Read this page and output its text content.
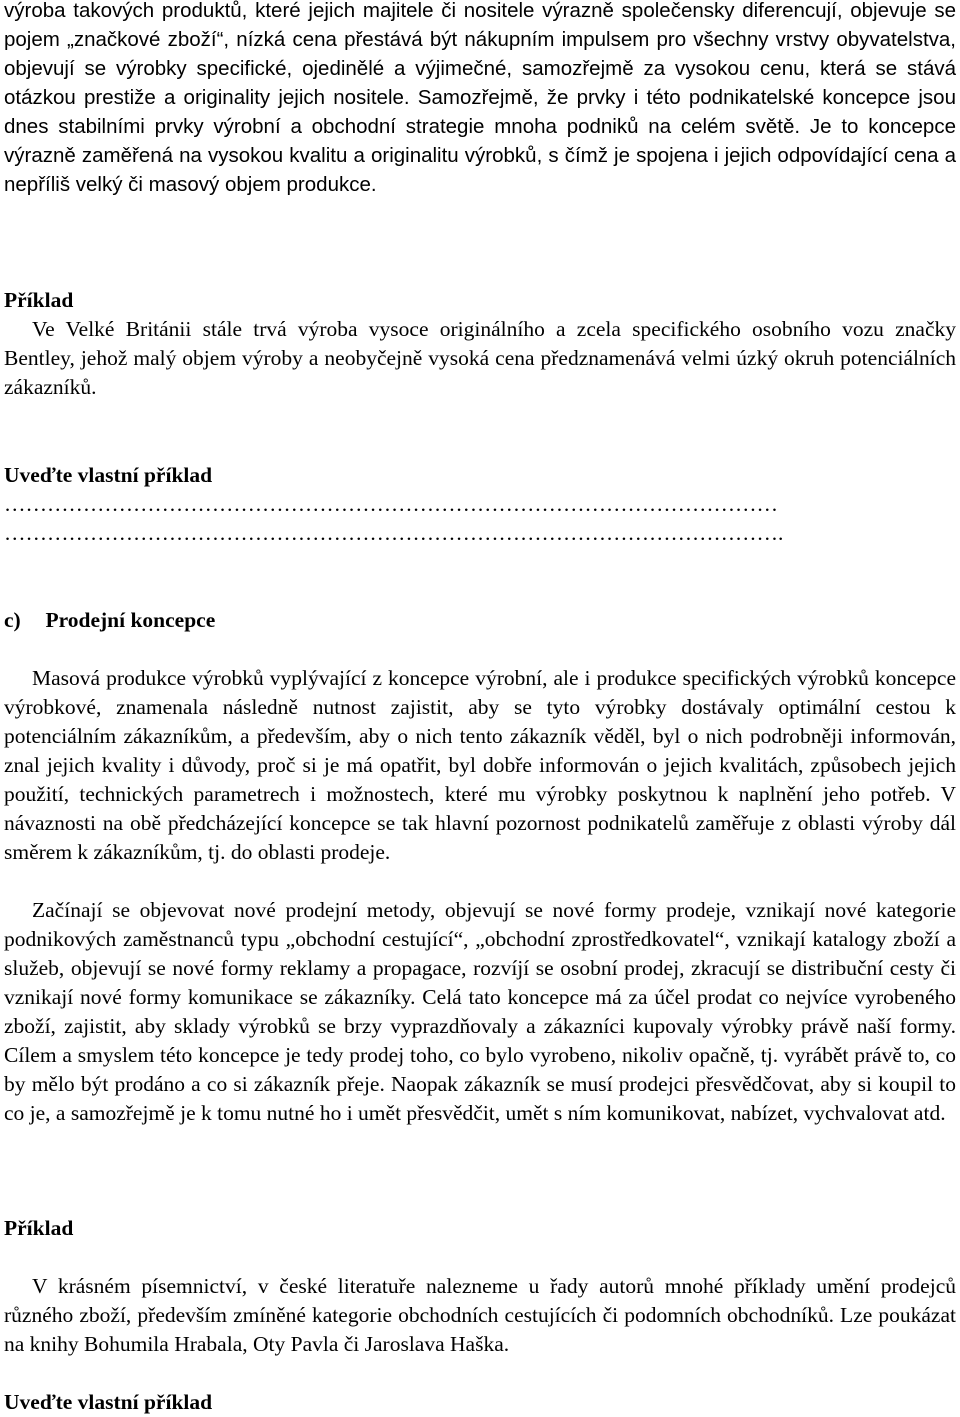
výroba takových produktů, které jejich majitele či nositele výrazně společensky diferencují, objevuje se pojem „značkové zboží“, nízká cena přestává být nákupním impulsem pro všechny vrstvy obyvatelstva, objevují se výrobky specifické, ojedinělé a výjimečné, samozřejmě za vysokou cenu, která se stává otázkou prestiže a originality jejich nositele. Samozřejmě, že prvky i této podnikatelské koncepce jsou dnes stabilními prvky výrobní a obchodní strategie mnoha podniků na celém světě. Je to koncepce výrazně zaměřená na vysokou kvalitu a originalitu výrobků, s čímž je spojena i jejich odpovídající cena a nepříliš velký či masový objem produkce.

Příklad

Ve Velké Británii stále trvá výroba vysoce originálního a zcela specifického osobního vozu značky Bentley, jehož malý objem výroby a neobyčejně vysoká cena předznamenává velmi úzký okruh potenciálních zákazníků.

Uveďte vlastní příklad

………………………………………………………………………………………………

……………………………………………………………………………………………….

c) Prodejní koncepce

Masová produkce výrobků vyplývající z koncepce výrobní, ale i produkce specifických výrobků koncepce výrobkové, znamenala následně nutnost zajistit, aby se tyto výrobky dostávaly optimální cestou k potenciálním zákazníkům, a především, aby o nich tento zákazník věděl, byl o nich podrobněji informován, znal jejich kvality i důvody, proč si je má opatřit, byl dobře informován o jejich kvalitách, způsobech jejich použití, technických parametrech i možnostech, které mu výrobky poskytnou k naplnění jeho potřeb. V návaznosti na obě předcházející koncepce se tak hlavní pozornost podnikatelů zaměřuje z oblasti výroby dál směrem k zákazníkům, tj. do oblasti prodeje.

Začínají se objevovat nové prodejní metody, objevují se nové formy prodeje, vznikají nové kategorie podnikových zaměstnanců typu „obchodní cestující“, „obchodní zprostředkovatel“, vznikají katalogy zboží a služeb, objevují se nové formy reklamy a propagace, rozvíjí se osobní prodej, zkracují se distribuční cesty či vznikají nové formy komunikace se zákazníky. Celá tato koncepce má za účel prodat co nejvíce vyrobeného zboží, zajistit, aby sklady výrobků se brzy vyprazdňovaly a zákazníci kupovaly výrobky právě naší formy. Cílem a smyslem této koncepce je tedy prodej toho, co bylo vyrobeno, nikoliv opačně, tj. vyrábět právě to, co by mělo být prodáno a co si zákazník přeje. Naopak zákazník se musí prodejci přesvědčovat, aby si koupil to co je, a samozřejmě je k tomu nutné ho i umět přesvědčit, umět s ním komunikovat, nabízet, vychvalovat atd.

Příklad

V krásném písemnictví, v české literatuře nalezneme u řady autorů mnohé příklady umění prodejců různého zboží, především zmíněné kategorie obchodních cestujících či podomních obchodníků. Lze poukázat na knihy Bohumila Hrabala, Oty Pavla či Jaroslava Haška.

Uveďte vlastní příklad
